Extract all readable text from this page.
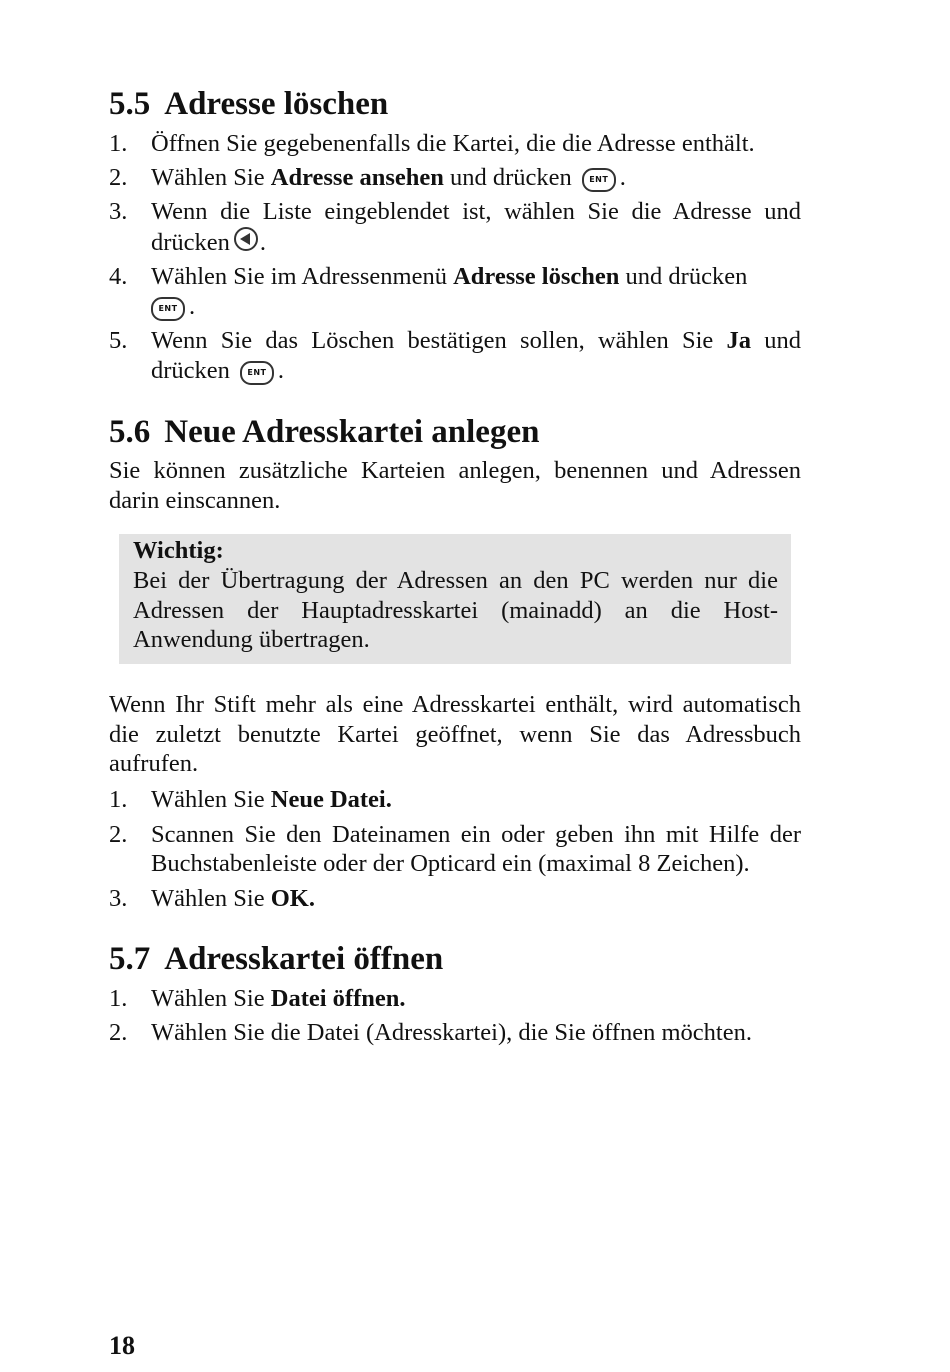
5.5 Adresse löschen
1. Öffnen Sie gegebenenfalls die Kartei, die die Adresse enthält.
2. Wählen Sie Adresse ansehen und drücken ENT .
3. Wenn die Liste eingeblendet ist, wählen Sie die Adresse und drücken .
4. Wählen Sie im Adressenmenü Adresse löschen und drücken
ENT .
5. Wenn Sie das Löschen bestätigen sollen, wählen Sie Ja und drücken ENT .
5.6 Neue Adresskartei anlegen

Sie können zusätzliche Karteien anlegen, benennen und Adressen darin einscannen.

Wichtig:
Bei der Übertragung der Adressen an den PC werden nur die Adressen der Hauptadresskartei (mainadd) an die Host-Anwendung übertragen.

Wenn Ihr Stift mehr als eine Adresskartei enthält, wird automatisch die zuletzt benutzte Kartei geöffnet, wenn Sie das Adressbuch aufrufen.

1. Wählen Sie Neue Datei.
2. Scannen Sie den Dateinamen ein oder geben ihn mit Hilfe der Buchstabenleiste oder der Opticard ein (maximal 8 Zeichen).
3. Wählen Sie OK.
5.7 Adresskartei öffnen
1. Wählen Sie Datei öffnen.
2. Wählen Sie die Datei (Adresskartei), die Sie öffnen möchten.
18
